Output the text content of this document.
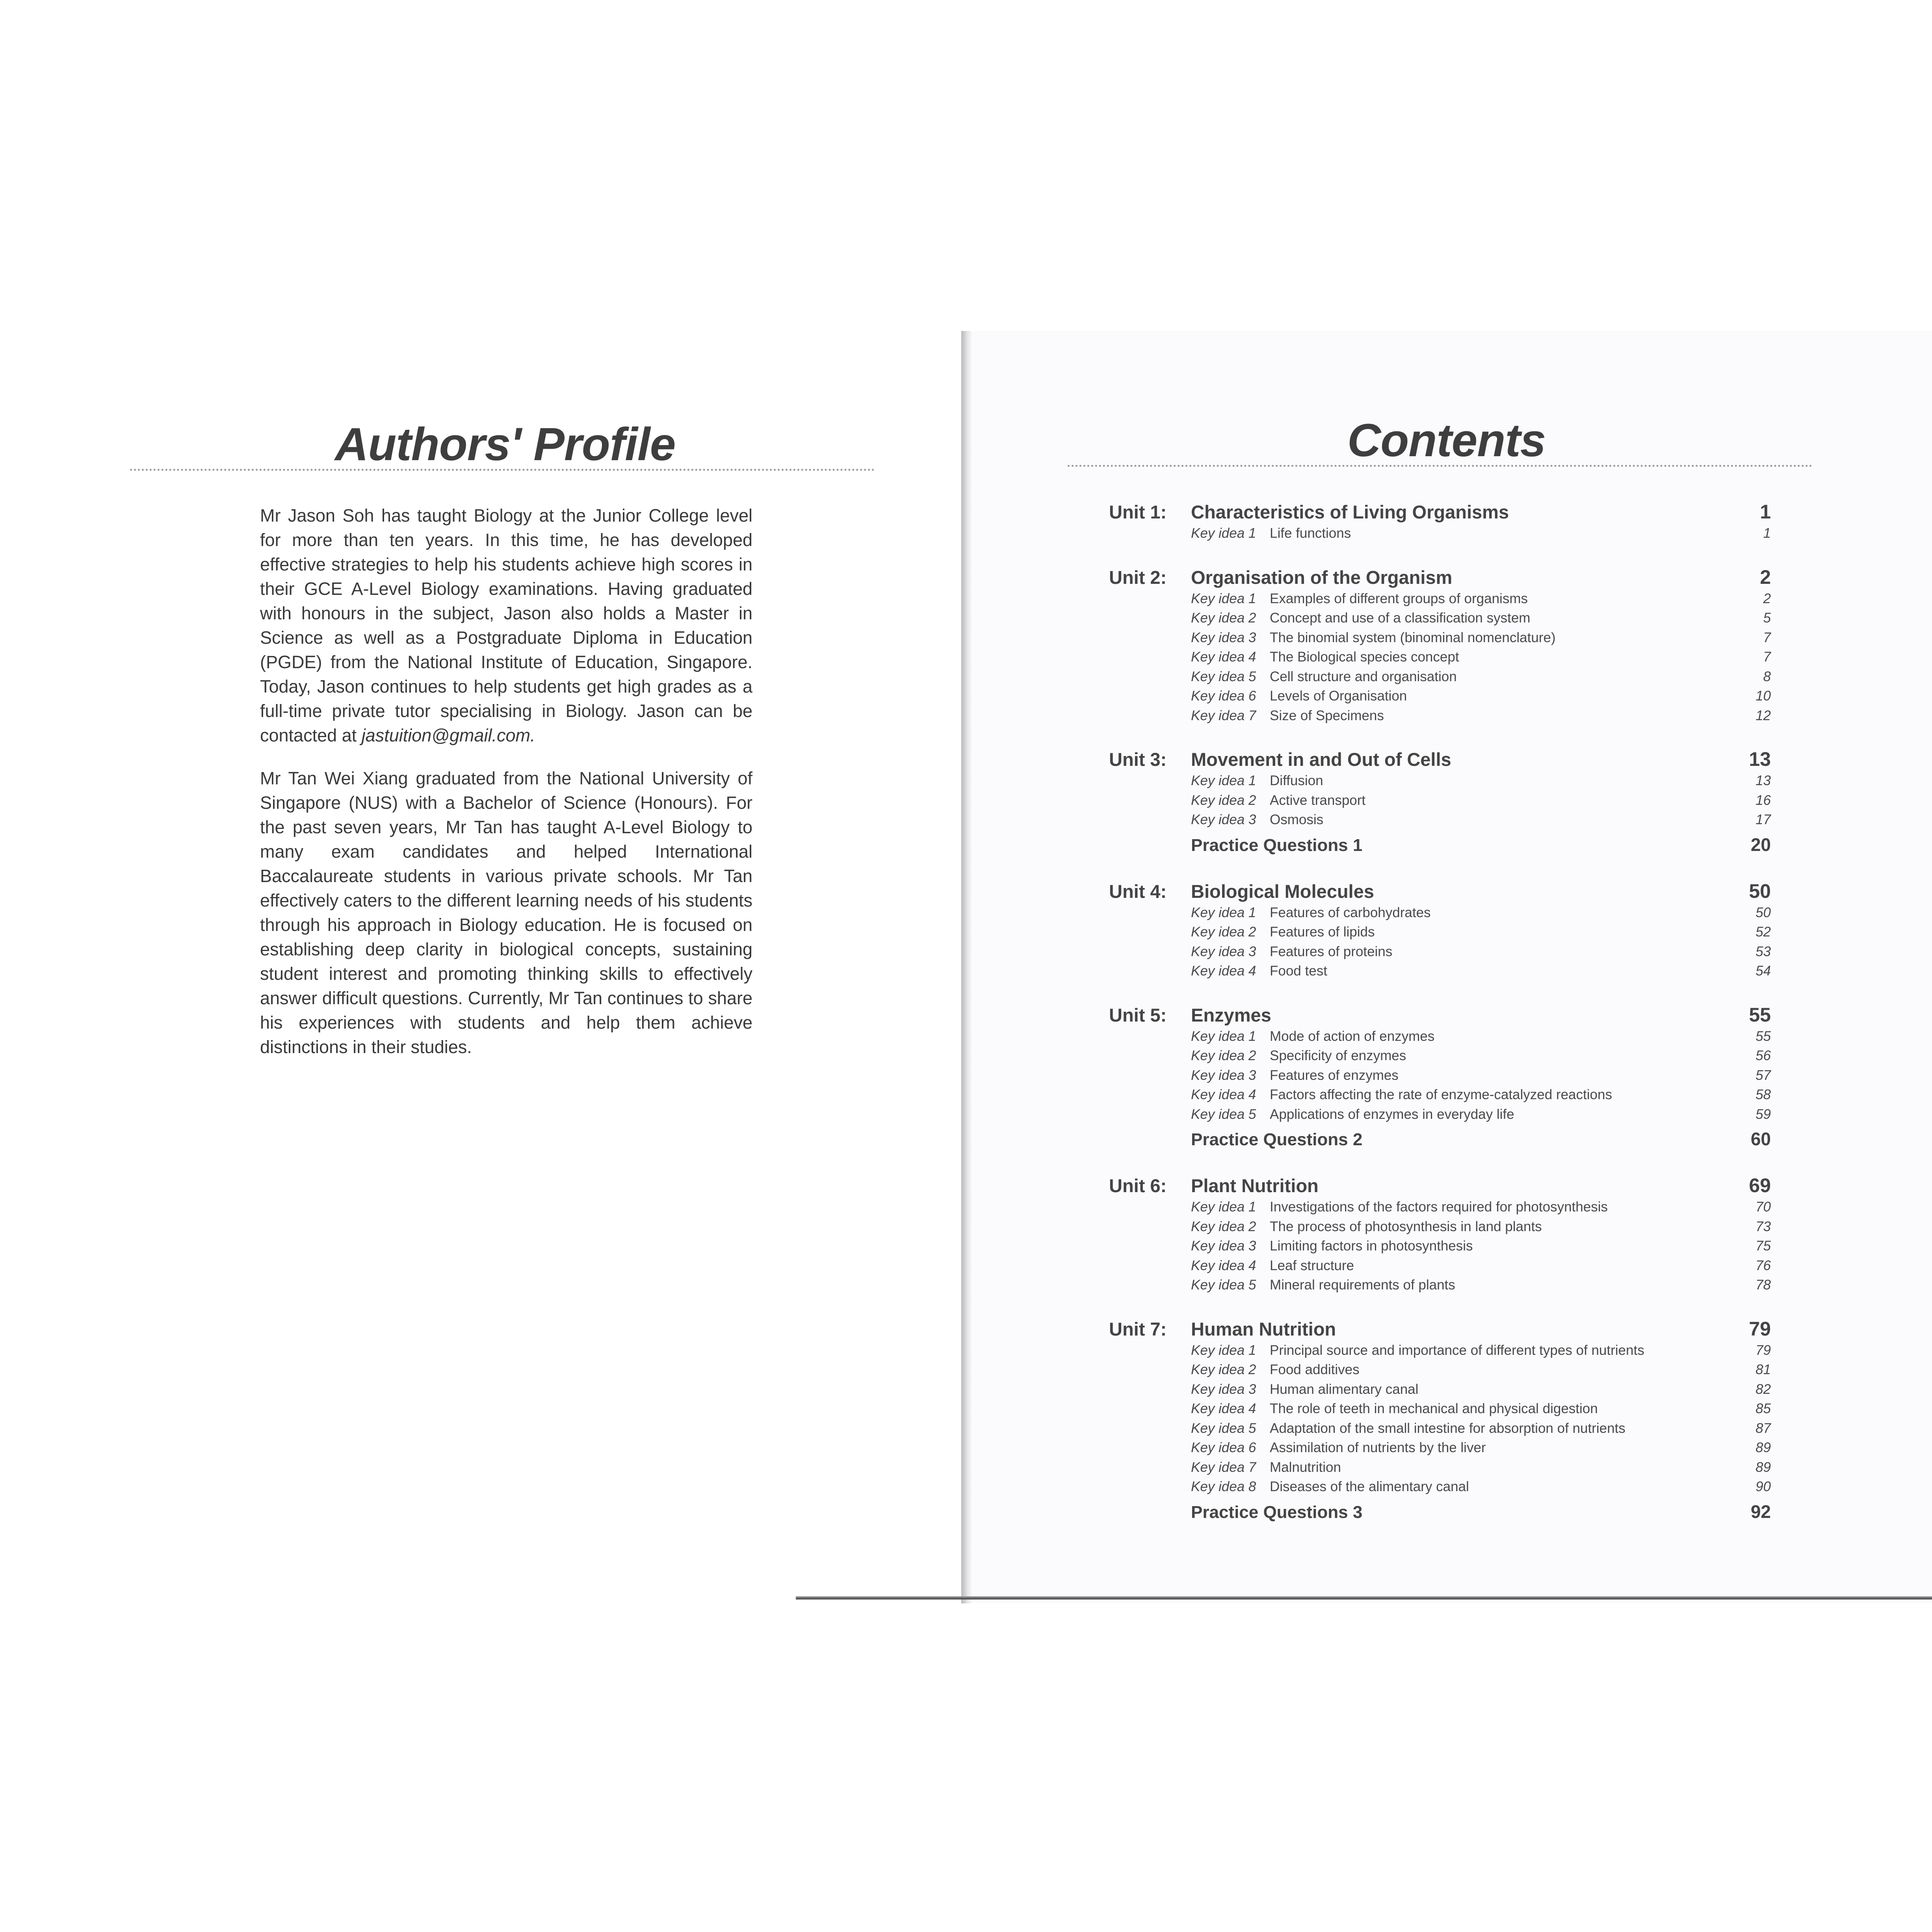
Authors' Profile

Mr Jason Soh has taught Biology at the Junior College level for more than ten years. In this time, he has developed effective strategies to help his students achieve high scores in their GCE A-Level Biology examinations. Having graduated with honours in the subject, Jason also holds a Master in Science as well as a Postgraduate Diploma in Education (PGDE) from the National Institute of Education, Singapore. Today, Jason continues to help students get high grades as a full-time private tutor specialising in Biology. Jason can be contacted at jastuition@gmail.com.

Mr Tan Wei Xiang graduated from the National University of Singapore (NUS) with a Bachelor of Science (Honours). For the past seven years, Mr Tan has taught A-Level Biology to many exam candidates and helped International Baccalaureate students in various private schools. Mr Tan effectively caters to the different learning needs of his students through his approach in Biology education. He is focused on establishing deep clarity in biological concepts, sustaining student interest and promoting thinking skills to effectively answer difficult questions. Currently, Mr Tan continues to share his experiences with students and help them achieve distinctions in their studies.

Contents
Unit 1:	Characteristics of Living Organisms	1
Key idea 1 Life functions	1
Unit 2:	Organisation of the Organism	2
Key idea 1 Examples of different groups of organisms	2
Key idea 2 Concept and use of a classification system	5
Key idea 3 The binomial system (binominal nomenclature)	7
Key idea 4 The Biological species concept	7
Key idea 5 Cell structure and organisation	8
Key idea 6 Levels of Organisation	10
Key idea 7 Size of Specimens	12
Unit 3:	Movement in and Out of Cells	13
Key idea 1 Diffusion	13
Key idea 2 Active transport	16
Key idea 3 Osmosis	17
Practice Questions 1	20
Unit 4:	Biological Molecules	50
Key idea 1 Features of carbohydrates	50
Key idea 2 Features of lipids	52
Key idea 3 Features of proteins	53
Key idea 4 Food test	54
Unit 5:	Enzymes	55
Key idea 1 Mode of action of enzymes	55
Key idea 2 Specificity of enzymes	56
Key idea 3 Features of enzymes	57
Key idea 4 Factors affecting the rate of enzyme-catalyzed reactions	58
Key idea 5 Applications of enzymes in everyday life	59
Practice Questions 2	60
Unit 6:	Plant Nutrition	69
Key idea 1 Investigations of the factors required for photosynthesis	70
Key idea 2 The process of photosynthesis in land plants	73
Key idea 3 Limiting factors in photosynthesis	75
Key idea 4 Leaf structure	76
Key idea 5 Mineral requirements of plants	78
Unit 7:	Human Nutrition	79
Key idea 1 Principal source and importance of different types of nutrients	79
Key idea 2 Food additives	81
Key idea 3 Human alimentary canal	82
Key idea 4 The role of teeth in mechanical and physical digestion	85
Key idea 5 Adaptation of the small intestine for absorption of nutrients	87
Key idea 6 Assimilation of nutrients by the liver	89
Key idea 7 Malnutrition	89
Key idea 8 Diseases of the alimentary canal	90
Practice Questions 3	92
